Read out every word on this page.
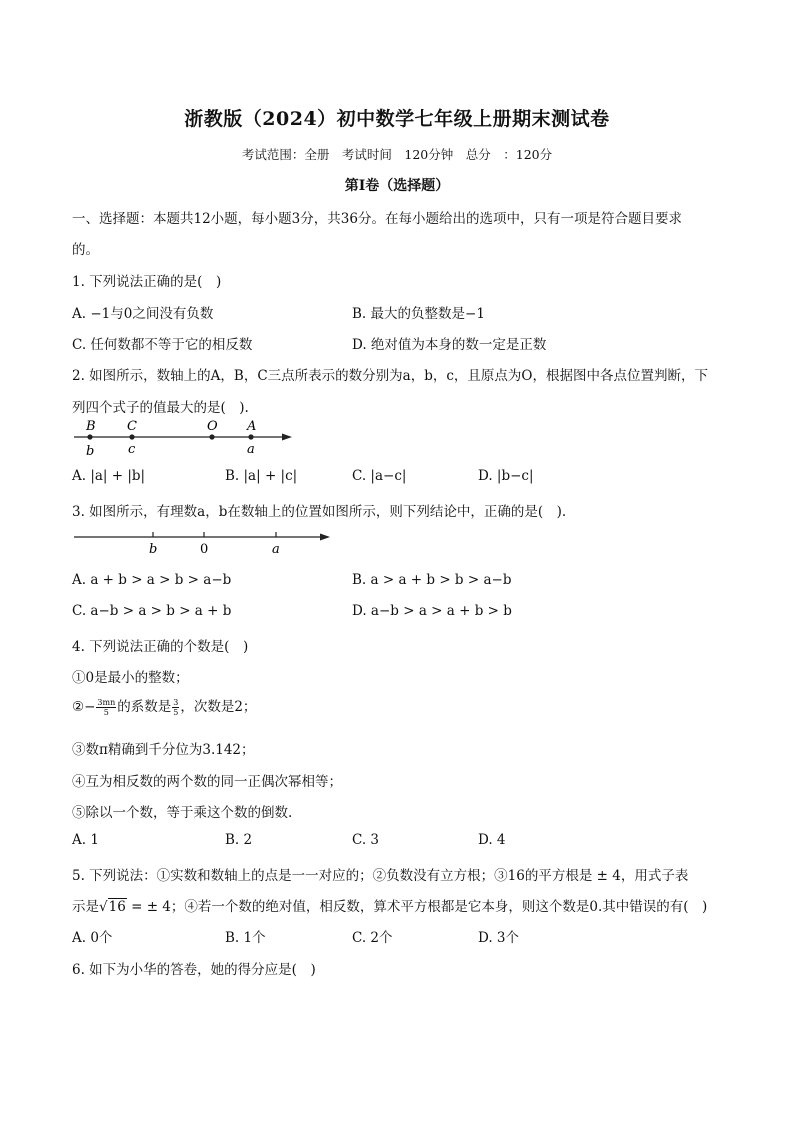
浙教版（2024）初中数学七年级上册期末测试卷
考试范围：全册　考试时间　120分钟　总分　：120分
第I卷（选择题）
一、选择题：本题共12小题，每小题3分，共36分。在每小题给出的选项中，只有一项是符合题目要求
的。
1. 下列说法正确的是(　)
A. −1与0之间没有负数	B. 最大的负整数是−1
C. 任何数都不等于它的相反数	D. 绝对值为本身的数一定是正数
2. 如图所示，数轴上的A，B，C三点所表示的数分别为a，b，c，且原点为O，根据图中各点位置判断，下
列四个式子的值最大的是(　).
B C	O A
b	c	a
A. |a| + |b|	B. |a| + |c|	C. |a−c|	D. |b−c|
3. 如图所示，有理数a，b在数轴上的位置如图所示，则下列结论中，正确的是(　).
b	0	a
A. a + b > a > b > a−b	B. a > a + b > b > a−b
C. a−b > a > b > a + b	D. a−b > a > a + b > b
4. 下列说法正确的个数是(　)
①0是最小的整数；
②− $\frac{3mn}{5}$ 的系数是 $\frac{3}{5}$ ，次数是2；
③数π精确到千分位为3.142；
④互为相反数的两个数的同一正偶次幂相等；
⑤除以一个数，等于乘这个数的倒数.
A. 1	B. 2	C. 3	D. 4
5. 下列说法：①实数和数轴上的点是一一对应的；②负数没有立方根；③16的平方根是 ± 4，用式子表
示是√16 = ± 4；④若一个数的绝对值，相反数，算术平方根都是它本身，则这个数是0.其中错误的有(　)
A. 0个	B. 1个	C. 2个	D. 3个
6. 如下为小华的答卷，她的得分应是(　)
